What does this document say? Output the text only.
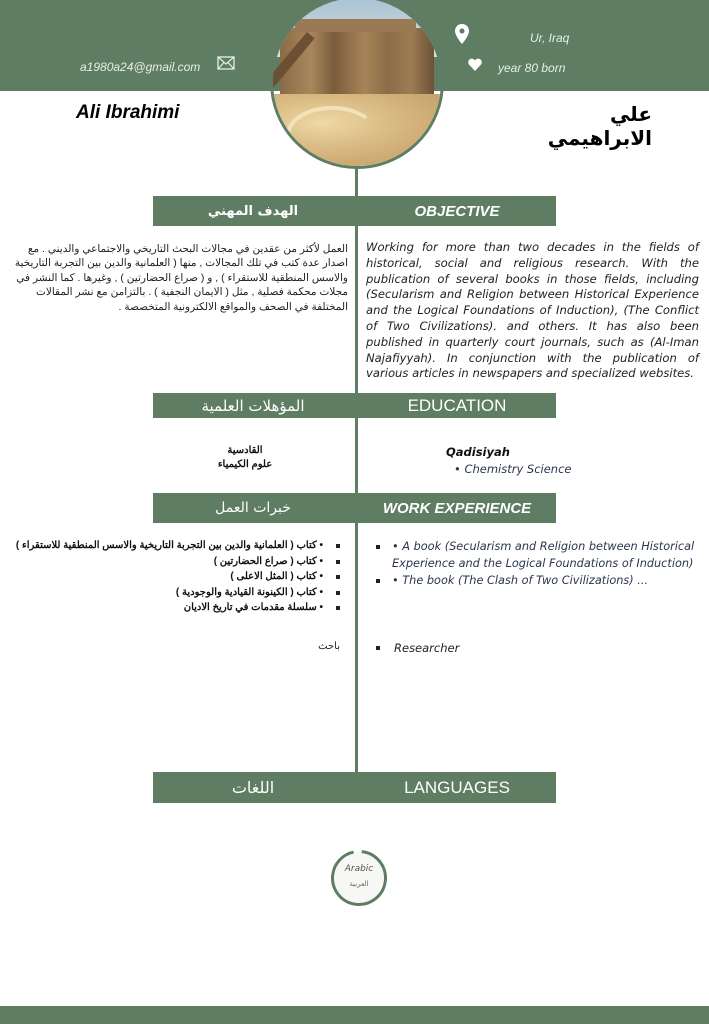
a1980a24@gmail.com
Ur, Iraq
year 80 born
Ali Ibrahimi	علي الابراهيمي
الهدف المهني	OBJECTIVE
العمل لأكثر من عقدين في مجالات البحث التاريخي والاجتماعي والديني . مع اصدار عدة كتب في تلك المجالات , منها ( العلمانية والدين بين التجربة التاريخية والاسس المنطقية للاستقراء ) , و ( صراع الحضارتين ) , وغيرها . كما النشر في مجلات محكمة فصلية , مثل ( الايمان النجفية ) . بالتزامن مع نشر المقالات المختلفة في الصحف والمواقع الالكترونية المتخصصة .
Working for more than two decades in the fields of historical, social and religious research. With the publication of several books in those fields, including (Secularism and Religion between Historical Experience and the Logical Foundations of Induction), (The Conflict of Two Civilizations). and others. It has also been published in quarterly court journals, such as (Al-Iman Najafiyyah). In conjunction with the publication of various articles in newspapers and specialized websites.
المؤهلات العلمية	EDUCATION
القادسية
علوم الكيمياء
Qadisiyah
• Chemistry Science
خبرات العمل	WORK EXPERIENCE
• كتاب ( العلمانية والدين بين التجربة التاريخية والاسس المنطقية للاستقراء )
• كتاب ( صراع الحضارتين )
• كتاب ( المثل الاعلى )
• كتاب ( الكينونة القيادية والوجودية )
• سلسلة مقدمات في تاريخ الاديان
• A book (Secularism and Religion between Historical Experience and the Logical Foundations of Induction)
• The book (The Clash of Two Civilizations) ...
باحث	Researcher
اللغات	LANGUAGES
Arabic
العربية
